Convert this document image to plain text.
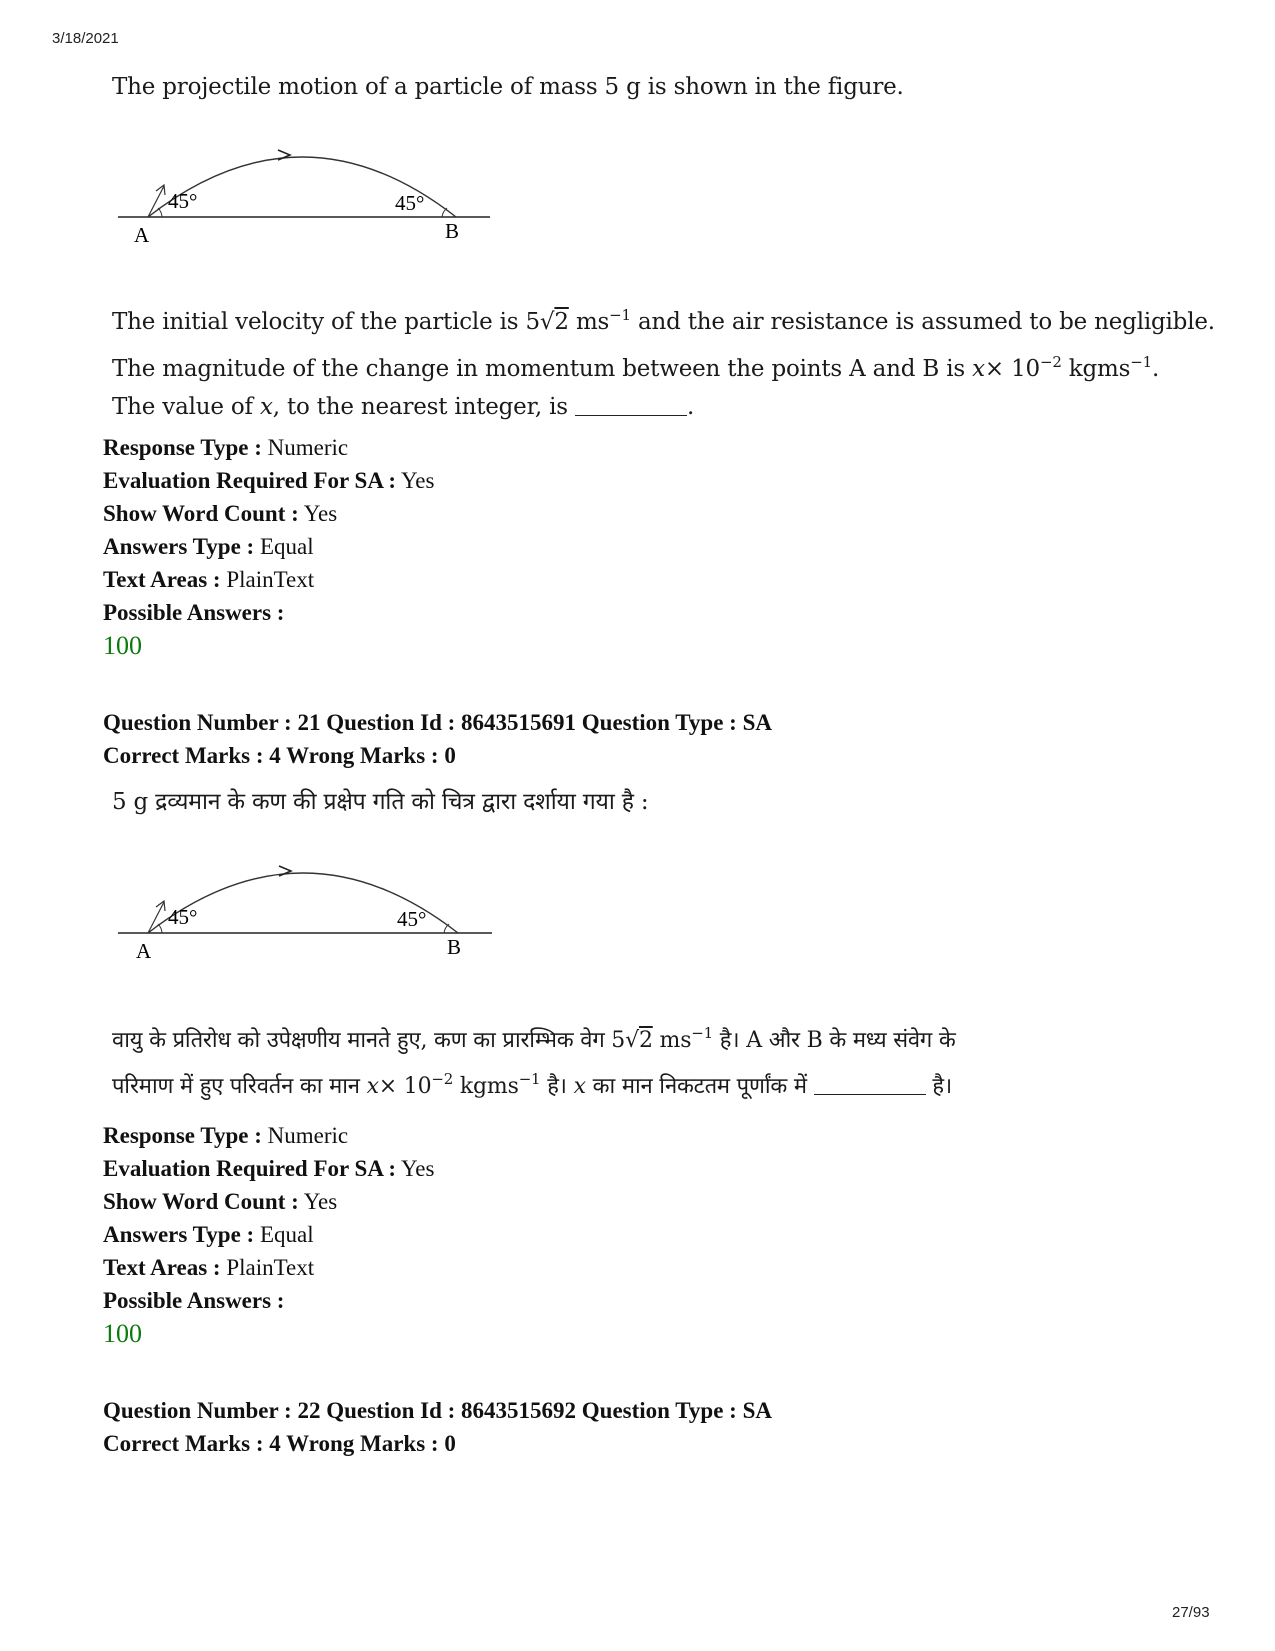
3/18/2021
27/93
The projectile motion of a particle of mass 5 g is shown in the figure.
45°	45°
A	B
The initial velocity of the particle is 5√2 $ms^{-1}$ and the air resistance is assumed to be negligible.
The magnitude of the change in momentum between the points A and B is $x\times 10^{-2}$ kgms$^{-1}$.
The value of x, to the nearest integer, is	.
Response Type : Numeric
Evaluation Required For SA : Yes
Show Word Count : Yes
Answers Type : Equal
Text Areas : PlainText
Possible Answers :
100
Question Number : 21 Question Id : 8643515691 Question Type : SA
Correct Marks : 4 Wrong Marks : 0
5 g द्रव्यमान के कण की प्रक्षेप गति को चित्र द्वारा दर्शाया गया है :
45°	45°
A	B
वायु के प्रतिरोध को उपेक्षणीय मानते हुए, कण का प्रारम्भिक वेग 5√2 $ms^{-1}$ है। A और B के मध्य संवेग के
परिमाण में हुए परिवर्तन का मान $x\times 10^{-2}$ kgms$^{-1}$ है। x का मान निकटतम पूर्णांक में	है।
Response Type : Numeric
Evaluation Required For SA : Yes
Show Word Count : Yes
Answers Type : Equal
Text Areas : PlainText
Possible Answers :
100
Question Number : 22 Question Id : 8643515692 Question Type : SA
Correct Marks : 4 Wrong Marks : 0
